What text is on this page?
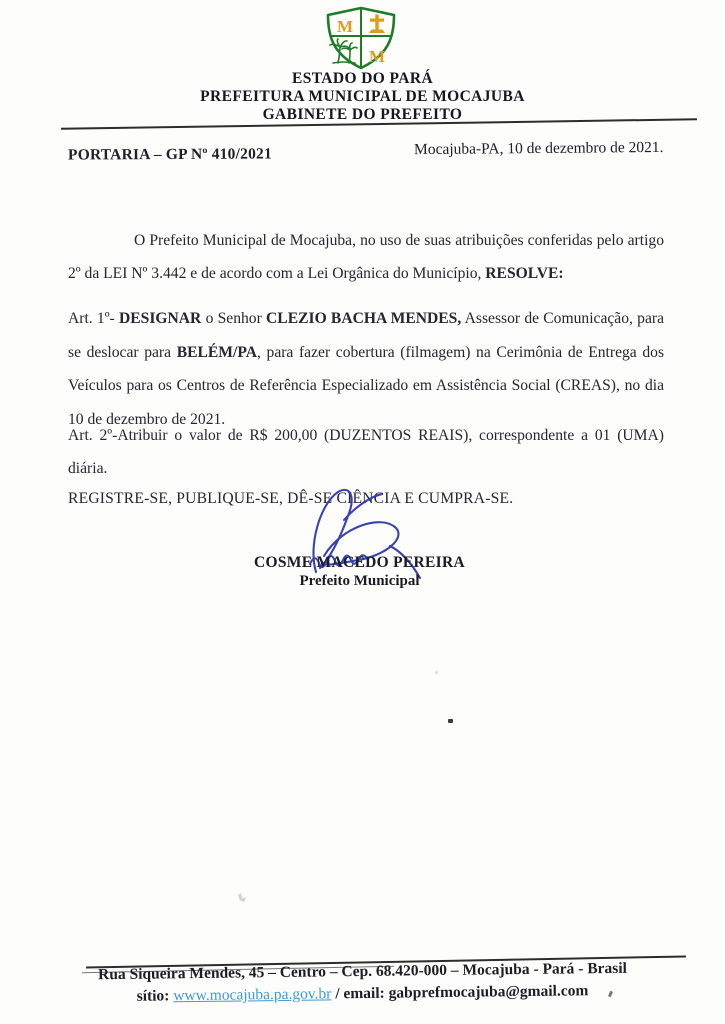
M
M
ESTADO DO PARÁ
PREFEITURA MUNICIPAL DE MOCAJUBA
GABINETE DO PREFEITO
PORTARIA – GP Nº 410/2021	Mocajuba-PA, 10 de dezembro de 2021.

O Prefeito Municipal de Mocajuba, no uso de suas atribuições conferidas pelo artigo 2º da LEI Nº 3.442 e de acordo com a Lei Orgânica do Município, RESOLVE:

Art. 1º- DESIGNAR o Senhor CLEZIO BACHA MENDES, Assessor de Comunicação, para se deslocar para BELÉM/PA, para fazer cobertura (filmagem) na Cerimônia de Entrega dos Veículos para os Centros de Referência Especializado em Assistência Social (CREAS), no dia 10 de dezembro de 2021.

Art. 2º-Atribuir o valor de R$ 200,00 (DUZENTOS REAIS), correspondente a 01 (UMA) diária.

REGISTRE-SE, PUBLIQUE-SE, DÊ-SE CIÊNCIA E CUMPRA-SE.

COSME MACEDO PEREIRA
Prefeito Municipal
Rua Siqueira Mendes, 45 – Centro – Cep. 68.420-000 – Mocajuba - Pará - Brasil
sítio: www.mocajuba.pa.gov.br / email: gabprefmocajuba@gmail.com
